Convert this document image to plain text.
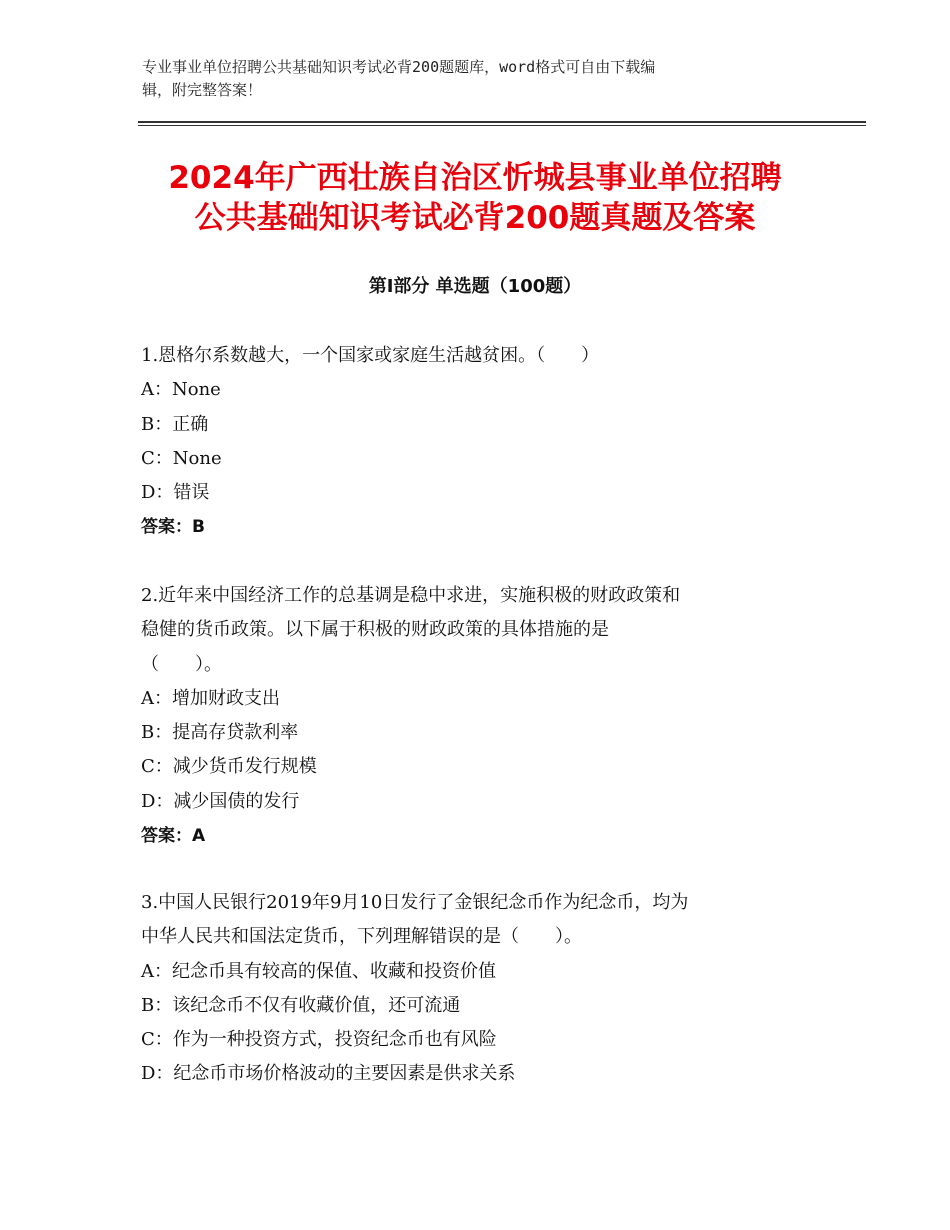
专业事业单位招聘公共基础知识考试必背200题题库，word格式可自由下载编
辑，附完整答案！
2024年广西壮族自治区忻城县事业单位招聘
公共基础知识考试必背200题真题及答案
第Ⅰ部分 单选题（100题）
1.恩格尔系数越大，一个国家或家庭生活越贫困。（　　）
A：None
B：正确
C：None
D：错误
答案：B
2.近年来中国经济工作的总基调是稳中求进，实施积极的财政政策和
稳健的货币政策。以下属于积极的财政政策的具体措施的是
（　　）。
A：增加财政支出
B：提高存贷款利率
C：减少货币发行规模
D：减少国债的发行
答案：A
3.中国人民银行2019年9月10日发行了金银纪念币作为纪念币，均为
中华人民共和国法定货币，下列理解错误的是（　　）。
A：纪念币具有较高的保值、收藏和投资价值
B：该纪念币不仅有收藏价值，还可流通
C：作为一种投资方式，投资纪念币也有风险
D：纪念币市场价格波动的主要因素是供求关系
